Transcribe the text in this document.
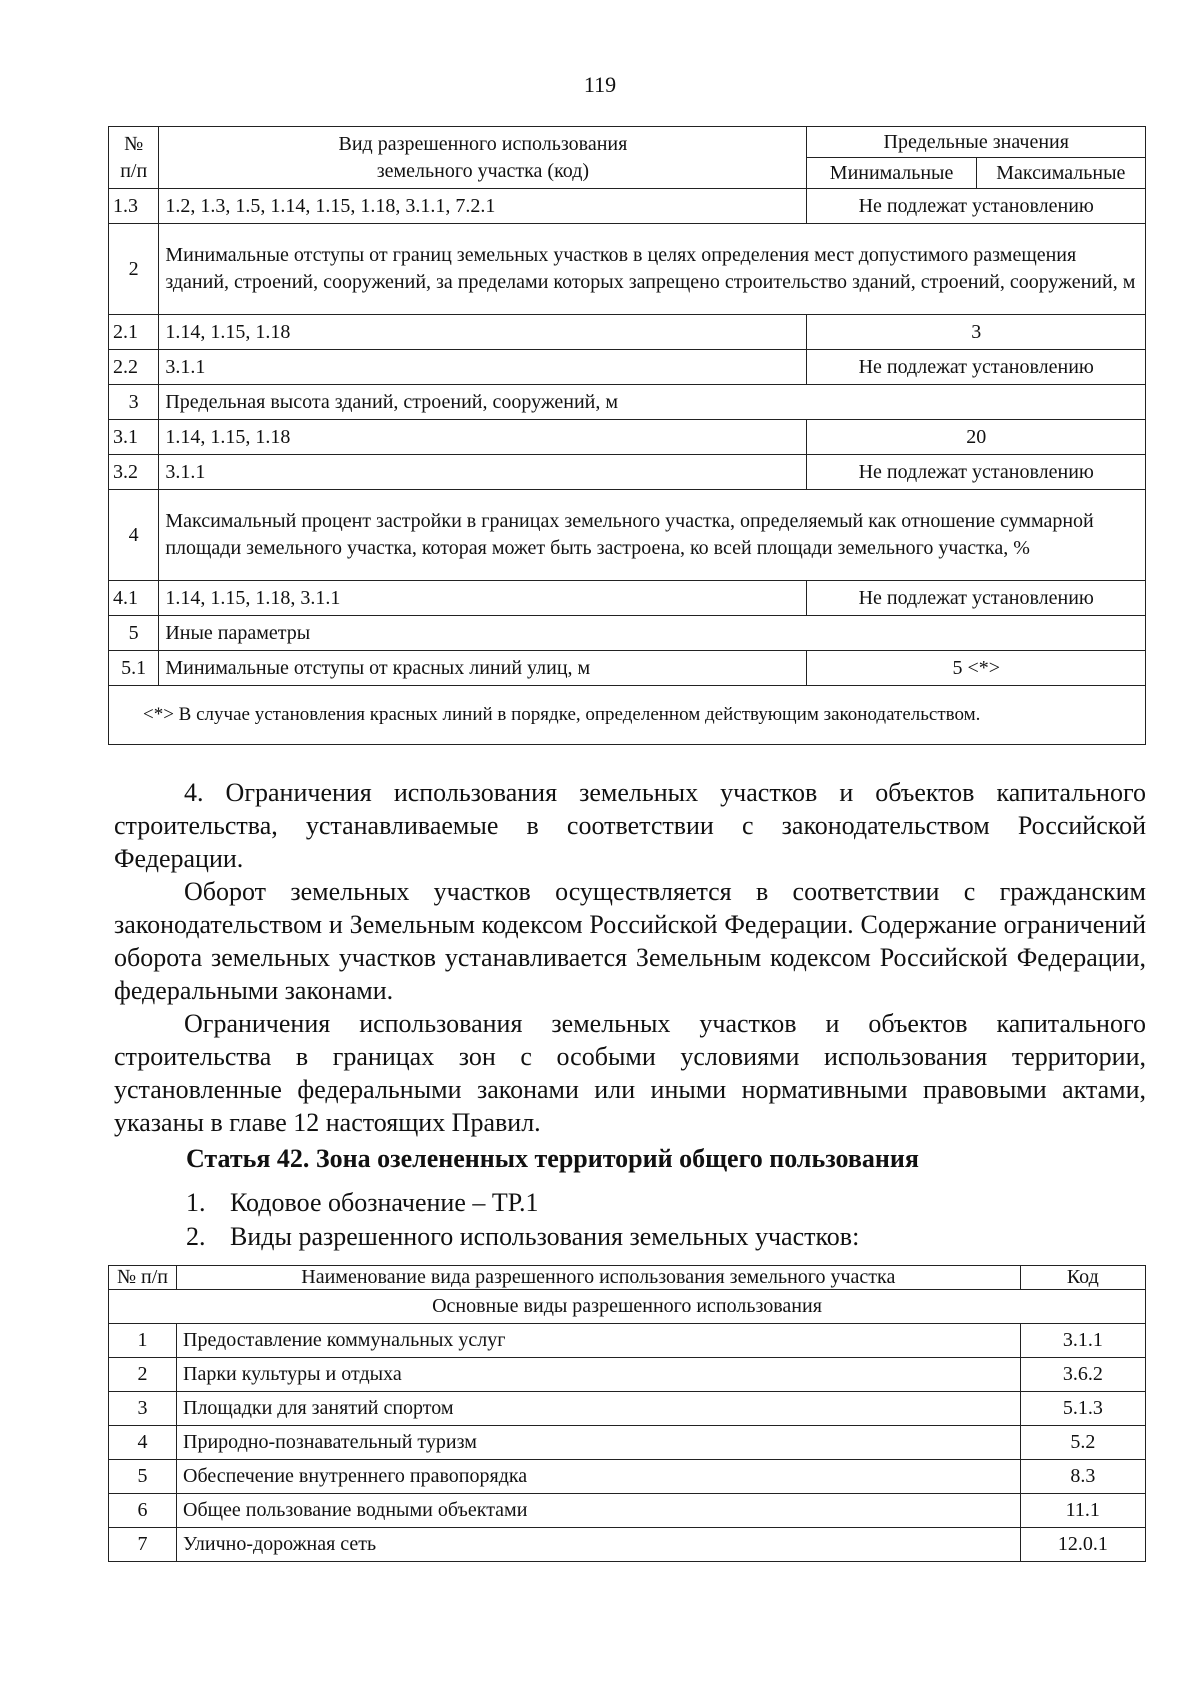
119
№ п/п	Вид разрешенного использования
земельного участка (код)	Предельные значения	
		Минимальные	Максимальные
1.3	1.2, 1.3, 1.5, 1.14, 1.15, 1.18, 3.1.1, 7.2.1	Не подлежат установлению	
2	Минимальные отступы от границ земельных участков в целях определения мест допустимого размещения зданий, строений, сооружений, за пределами которых запрещено строительство зданий, строений, сооружений, м		
2.1	1.14, 1.15, 1.18	3	
2.2	3.1.1	Не подлежат установлению	
3	Предельная высота зданий, строений, сооружений, м		
3.1	1.14, 1.15, 1.18	20	
3.2	3.1.1	Не подлежат установлению	
4	Максимальный процент застройки в границах земельного участка, определяемый как отношение суммарной площади земельного участка, которая может быть застроена, ко всей площади земельного участка, %		
4.1	1.14, 1.15, 1.18, 3.1.1	Не подлежат установлению	
5	Иные параметры		
5.1	Минимальные отступы от красных линий улиц, м	5 <*>	
<*> В случае установления красных линий в порядке, определенном действующим законодательством.			
4. Ограничения использования земельных участков и объектов капитального строительства, устанавливаемые в соответствии с законодательством Российской Федерации.
Оборот земельных участков осуществляется в соответствии с гражданским законодательством и Земельным кодексом Российской Федерации. Содержание ограничений оборота земельных участков устанавливается Земельным кодексом Российской Федерации, федеральными законами.
Ограничения использования земельных участков и объектов капитального строительства в границах зон с особыми условиями использования территории, установленные федеральными законами или иными нормативными правовыми актами, указаны в главе 12 настоящих Правил.
Статья 42. Зона озелененных территорий общего пользования
1. Кодовое обозначение – ТР.1
2. Виды разрешенного использования земельных участков:
№ п/п	Наименование вида разрешенного использования земельного участка	Код
Основные виды разрешенного использования		
1	Предоставление коммунальных услуг	3.1.1
2	Парки культуры и отдыха	3.6.2
3	Площадки для занятий спортом	5.1.3
4	Природно-познавательный туризм	5.2
5	Обеспечение внутреннего правопорядка	8.3
6	Общее пользование водными объектами	11.1
7	Улично-дорожная сеть	12.0.1
